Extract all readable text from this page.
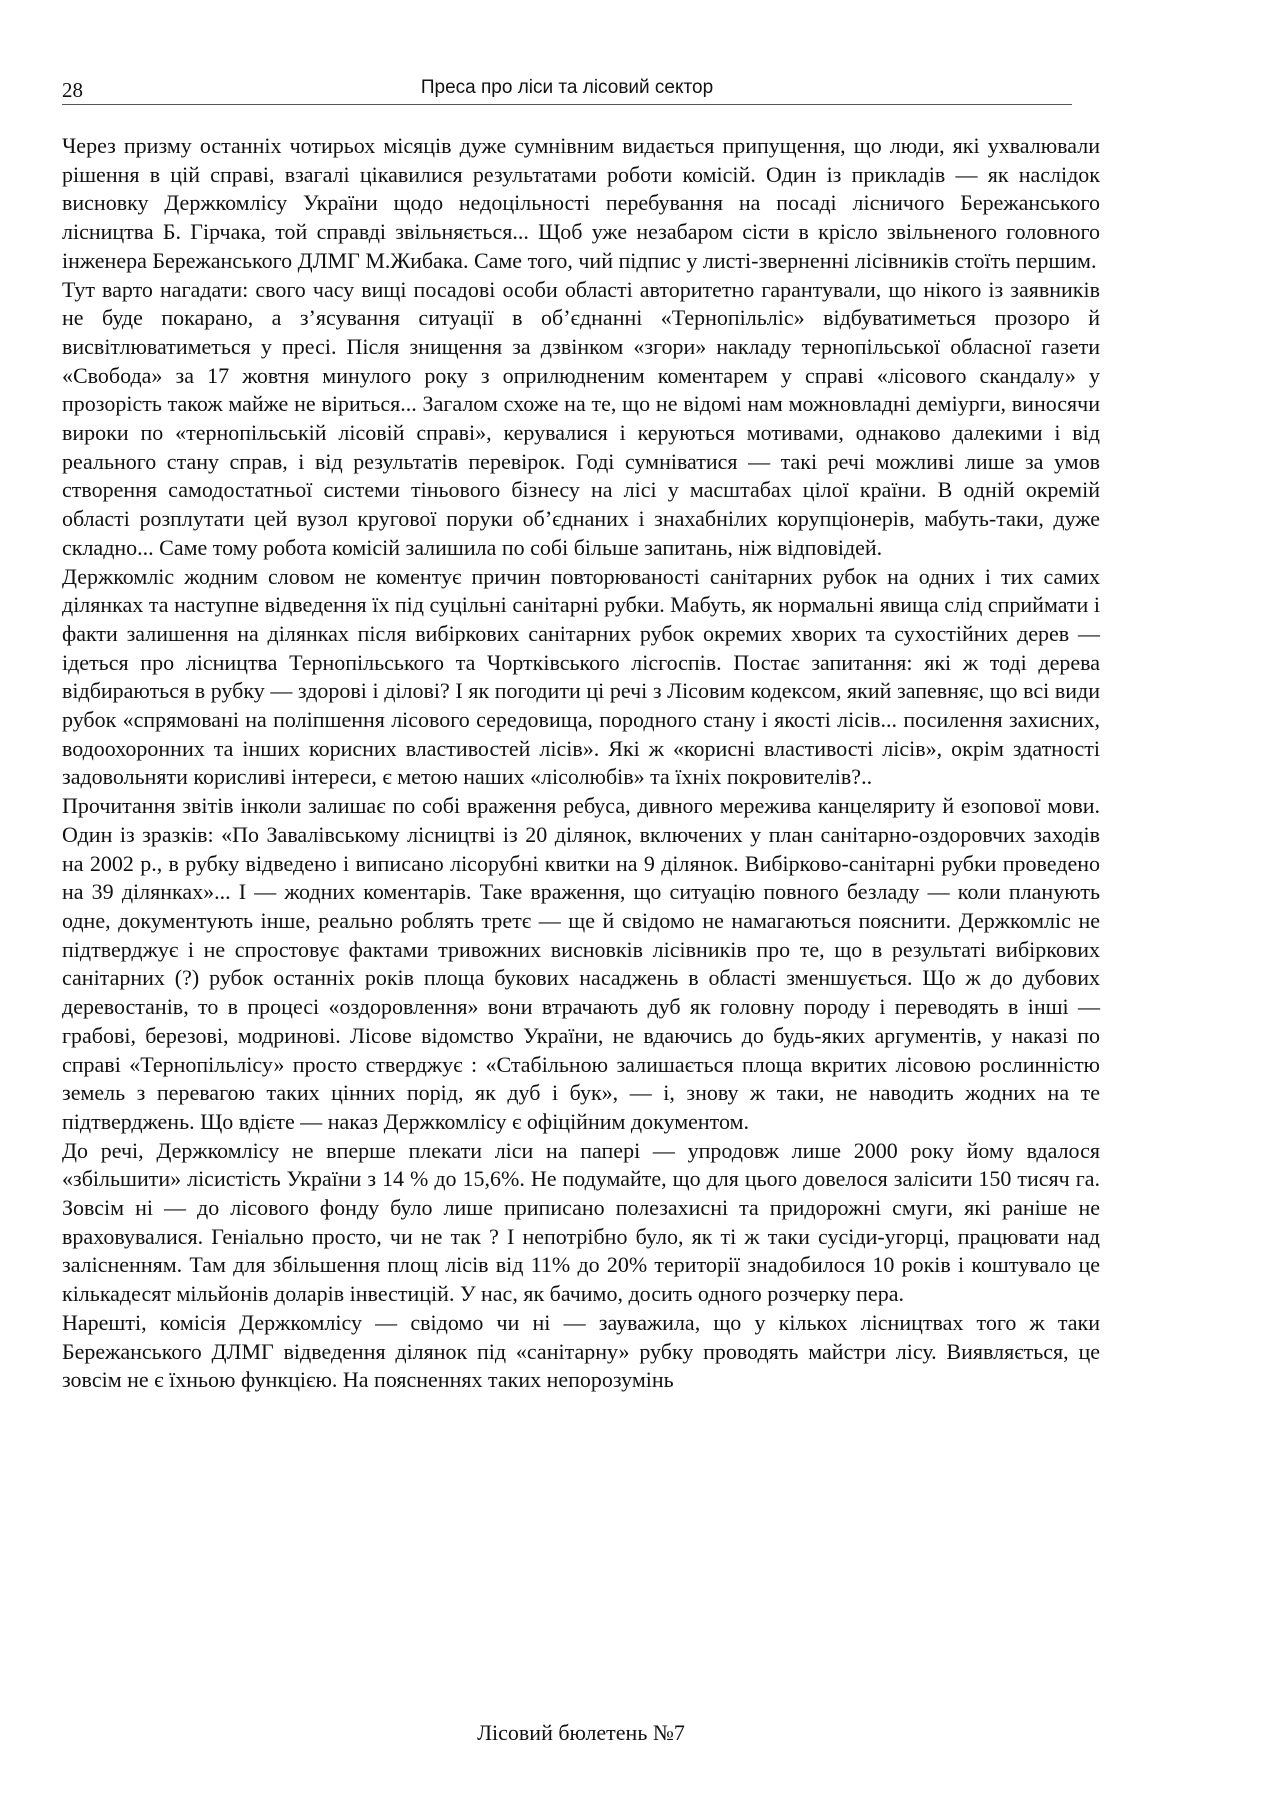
28	Преса про ліси та лісовий сектор

Через призму останніх чотирьох місяців дуже сумнівним видається припущення, що люди, які ухвалювали рішення в цій справі, взагалі цікавилися результатами роботи комісій. Один із прикладів — як наслідок висновку Держкомлісу України щодо недоцільності перебування на посаді лісничого Бережанського лісництва Б. Гірчака, той справді звільняється... Щоб уже незабаром сісти в крісло звільненого головного інженера Бережанського ДЛМГ М.Жибака. Саме того, чий підпис у листі-зверненні лісівників стоїть першим.

Тут варто нагадати: свого часу вищі посадові особи області авторитетно гарантували, що нікого із заявників не буде покарано, а з’ясування ситуації в об’єднанні «Тернопільліс» відбуватиметься прозоро й висвітлюватиметься у пресі. Після знищення за дзвінком «згори» накладу тернопільської обласної газети «Свобода» за 17 жовтня минулого року з оприлюдненим коментарем у справі «лісового скандалу» у прозорість також майже не віриться... Загалом схоже на те, що не відомі нам можновладні деміурги, виносячи вироки по «тернопільській лісовій справі», керувалися і керуються мотивами, однаково далекими і від реального стану справ, і від результатів перевірок. Годі сумніватися — такі речі можливі лише за умов створення самодостатньої системи тіньового бізнесу на лісі у масштабах цілої країни. В одній окремій області розплутати цей вузол кругової поруки об’єднаних і знахабнілих корупціонерів, мабуть-таки, дуже складно... Саме тому робота комісій залишила по собі більше запитань, ніж відповідей.

Держкомліс жодним словом не коментує причин повторюваності санітарних рубок на одних і тих самих ділянках та наступне відведення їх під суцільні санітарні рубки. Мабуть, як нормальні явища слід сприймати і факти залишення на ділянках після вибіркових санітарних рубок окремих хворих та сухостійних дерев — ідеться про лісництва Тернопільського та Чортківського лісгоспів. Постає запитання: які ж тоді дерева відбираються в рубку — здорові і ділові? І як погодити ці речі з Лісовим кодексом, який запевняє, що всі види рубок «спрямовані на поліпшення лісового середовища, породного стану і якості лісів... посилення захисних, водоохоронних та інших корисних властивостей лісів». Які ж «корисні властивості лісів», окрім здатності задовольняти корисливі інтереси, є метою наших «лісолюбів» та їхніх покровителів?..

Прочитання звітів інколи залишає по собі враження ребуса, дивного мережива канцеляриту й езопової мови. Один із зразків: «По Завалівському лісництві із 20 ділянок, включених у план санітарно-оздоровчих заходів на 2002 р., в рубку відведено і виписано лісорубні квитки на 9 ділянок. Вибірково-санітарні рубки проведено на 39 ділянках»... І — жодних коментарів. Таке враження, що ситуацію повного безладу — коли планують одне, документують інше, реально роблять третє — ще й свідомо не намагаються пояснити. Держкомліс не підтверджує і не спростовує фактами тривожних висновків лісівників про те, що в результаті вибіркових санітарних (?) рубок останніх років площа букових насаджень в області зменшується. Що ж до дубових деревостанів, то в процесі «оздоровлення» вони втрачають дуб як головну породу і переводять в інші — грабові, березові, модринові. Лісове відомство України, не вдаючись до будь-яких аргументів, у наказі по справі «Тернопільлісу» просто стверджує : «Стабільною залишається площа вкритих лісовою рослинністю земель з перевагою таких цінних порід, як дуб і бук», — і, знову ж таки, не наводить жодних на те підтверджень. Що вдієте — наказ Держкомлісу є офіційним документом.

До речі, Держкомлісу не вперше плекати ліси на папері — упродовж лише 2000 року йому вдалося «збільшити» лісистість України з 14 % до 15,6%. Не подумайте, що для цього довелося залісити 150 тисяч га. Зовсім ні — до лісового фонду було лише приписано полезахисні та придорожні смуги, які раніше не враховувалися. Геніально просто, чи не так ? І непотрібно було, як ті ж таки сусіди-угорці, працювати над залісненням. Там для збільшення площ лісів від 11% до 20% території знадобилося 10 років і коштувало це кількадесят мільйонів доларів інвестицій. У нас, як бачимо, досить одного розчерку пера.

Нарешті, комісія Держкомлісу — свідомо чи ні — зауважила, що у кількох лісництвах того ж таки Бережанського ДЛМГ відведення ділянок під «санітарну» рубку проводять майстри лісу. Виявляється, це зовсім не є їхньою функцією. На поясненнях таких непорозумінь

Лісовий бюлетень №7
